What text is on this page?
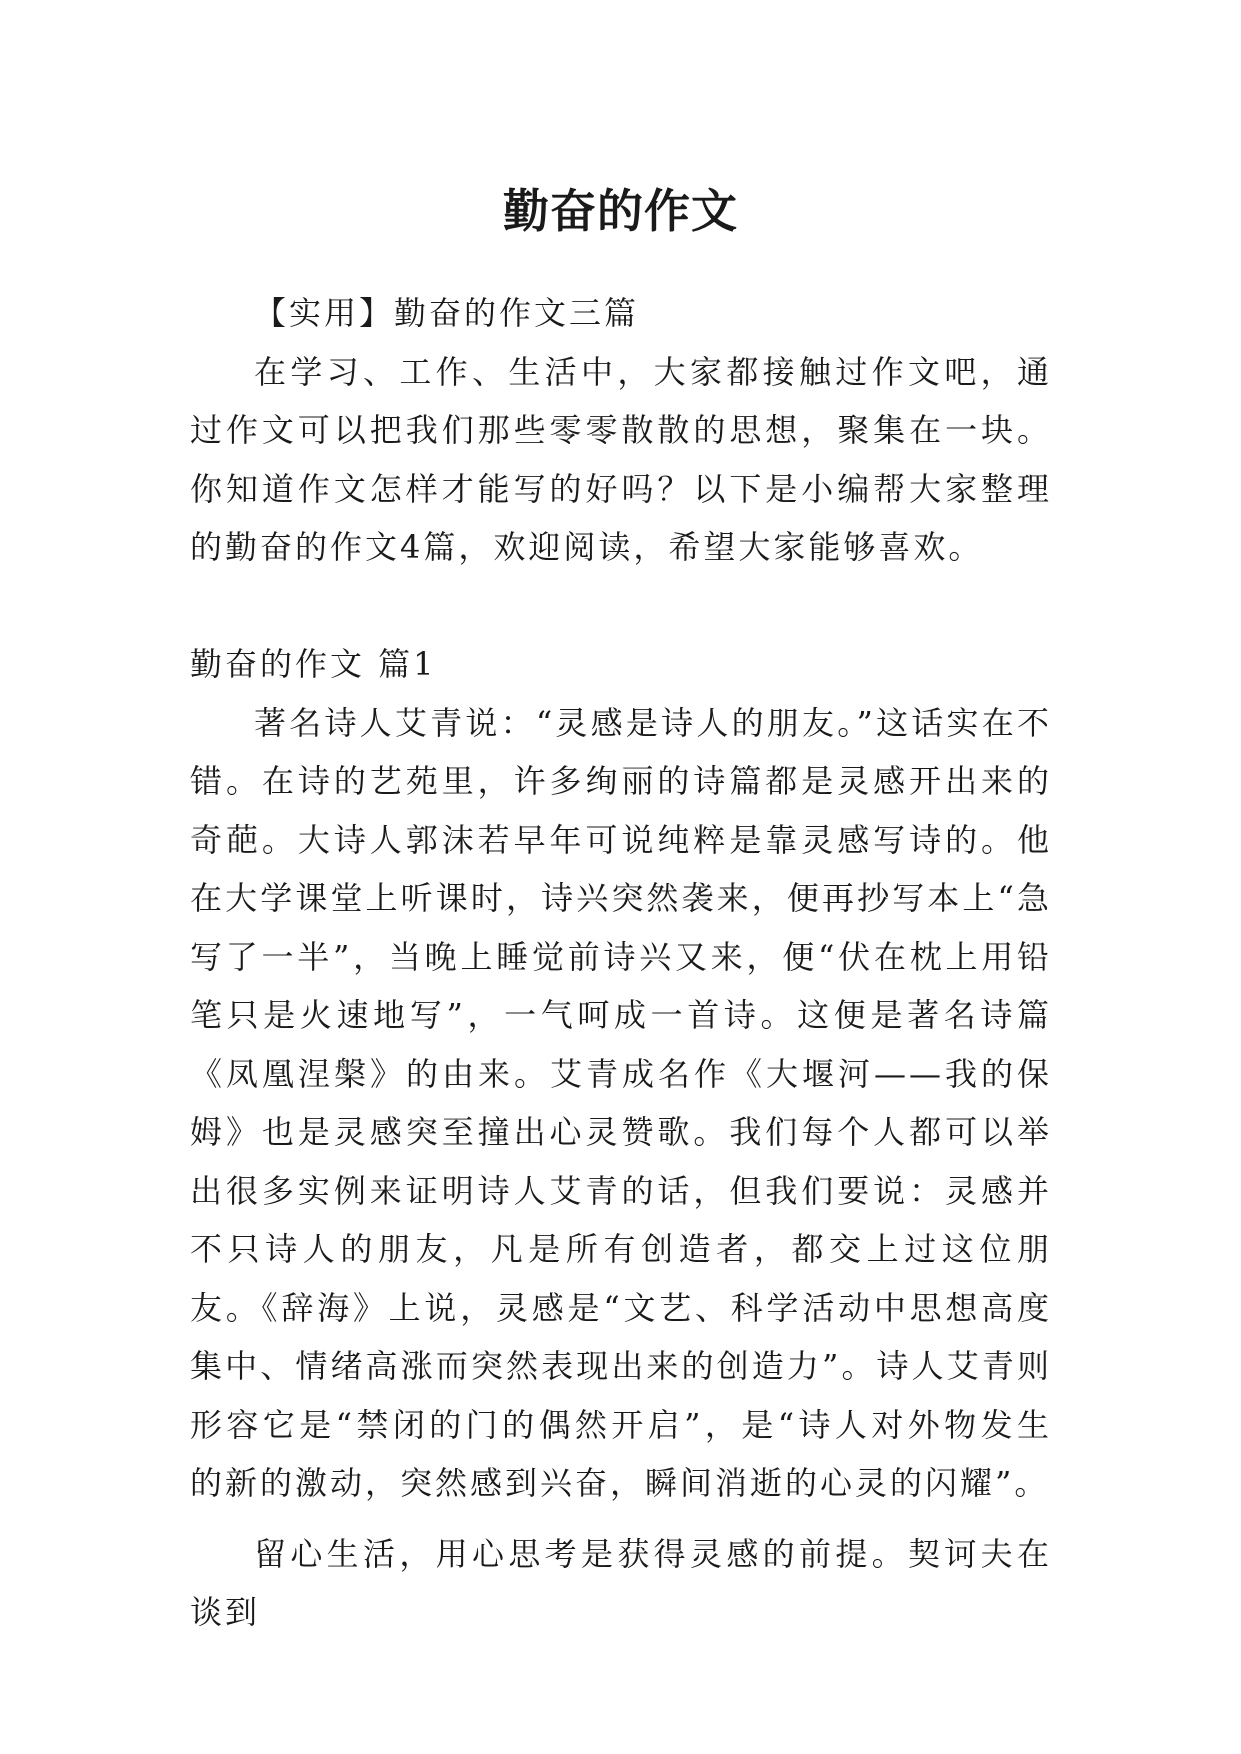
勤奋的作文

【实用】勤奋的作文三篇

在学习、工作、生活中，大家都接触过作文吧，通过作文可以把我们那些零零散散的思想，聚集在一块。你知道作文怎样才能写的好吗？以下是小编帮大家整理的勤奋的作文4篇，欢迎阅读，希望大家能够喜欢。

勤奋的作文 篇1

著名诗人艾青说：“灵感是诗人的朋友。”这话实在不错。在诗的艺苑里，许多绚丽的诗篇都是灵感开出来的奇葩。大诗人郭沫若早年可说纯粹是靠灵感写诗的。他在大学课堂上听课时，诗兴突然袭来，便再抄写本上“急写了一半”，当晚上睡觉前诗兴又来，便“伏在枕上用铅笔只是火速地写”，一气呵成一首诗。这便是著名诗篇《凤凰涅槃》的由来。艾青成名作《大堰河——我的保姆》也是灵感突至撞出心灵赞歌。我们每个人都可以举出很多实例来证明诗人艾青的话，但我们要说：灵感并不只诗人的朋友，凡是所有创造者，都交上过这位朋友。《辞海》上说，灵感是“文艺、科学活动中思想高度集中、情绪高涨而突然表现出来的创造力”。诗人艾青则形容它是“禁闭的门的偶然开启”，是“诗人对外物发生的新的激动，突然感到兴奋，瞬间消逝的心灵的闪耀”。

留心生活，用心思考是获得灵感的前提。契诃夫在谈到
